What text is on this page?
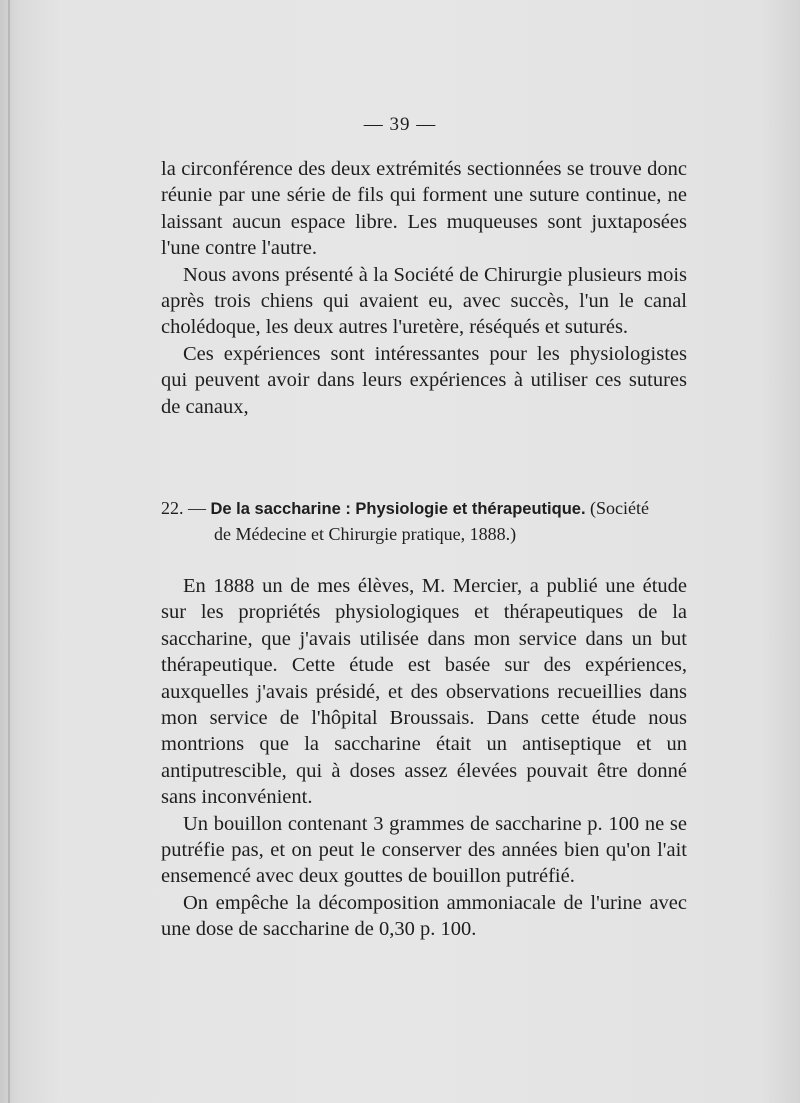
— 39 —

la circonférence des deux extrémités sectionnées se trouve donc réunie par une série de fils qui forment une suture continue, ne laissant aucun espace libre. Les muqueuses sont juxtaposées l'une contre l'autre.

Nous avons présenté à la Société de Chirurgie plusieurs mois après trois chiens qui avaient eu, avec succès, l'un le canal cholédoque, les deux autres l'uretère, réséqués et suturés.

Ces expériences sont intéressantes pour les physiologistes qui peuvent avoir dans leurs expériences à utiliser ces sutures de canaux,

22. — De la saccharine : Physiologie et thérapeutique. (Société
de Médecine et Chirurgie pratique, 1888.)

En 1888 un de mes élèves, M. Mercier, a publié une étude sur les propriétés physiologiques et thérapeutiques de la saccharine, que j'avais utilisée dans mon service dans un but thérapeutique. Cette étude est basée sur des expériences, auxquelles j'avais présidé, et des observations recueillies dans mon service de l'hôpital Broussais. Dans cette étude nous montrions que la saccharine était un antiseptique et un antiputrescible, qui à doses assez élevées pouvait être donné sans inconvénient.

Un bouillon contenant 3 grammes de saccharine p. 100 ne se putréfie pas, et on peut le conserver des années bien qu'on l'ait ensemencé avec deux gouttes de bouillon putréfié.

On empêche la décomposition ammoniacale de l'urine avec une dose de saccharine de 0,30 p. 100.
